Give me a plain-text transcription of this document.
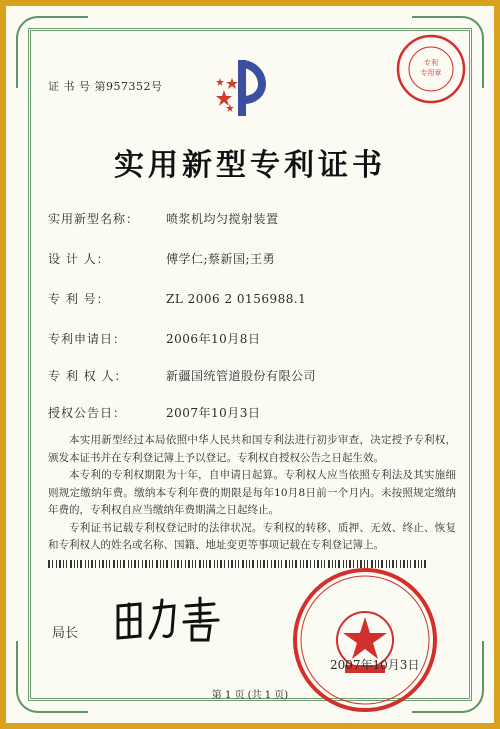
证 书 号 第957352号
专利
专用章
实用新型专利证书
实用新型名称： 喷浆机均匀搅射装置
设 计 人：	傅学仁;蔡新国;王勇
专 利 号：	ZL 2006 2 0156988.1
专利申请日：	2006年10月8日
专 利 权 人：	新疆国统管道股份有限公司
授权公告日：	2007年10月3日

本实用新型经过本局依照中华人民共和国专利法进行初步审查，决定授予专利权，颁发本证书并在专利登记簿上予以登记。专利权自授权公告之日起生效。

本专利的专利权期限为十年，自申请日起算。专利权人应当依照专利法及其实施细则规定缴纳年费。缴纳本专利年费的期限是每年10月8日前一个月内。未按照规定缴纳年费的，专利权自应当缴纳年费期满之日起终止。

专利证书记载专利权登记时的法律状况。专利权的转移、质押、无效、终止、恢复和专利权人的姓名或名称、国籍、地址变更等事项记载在专利登记簿上。

局长
2007年10月3日
第 1 页 (共 1 页)
